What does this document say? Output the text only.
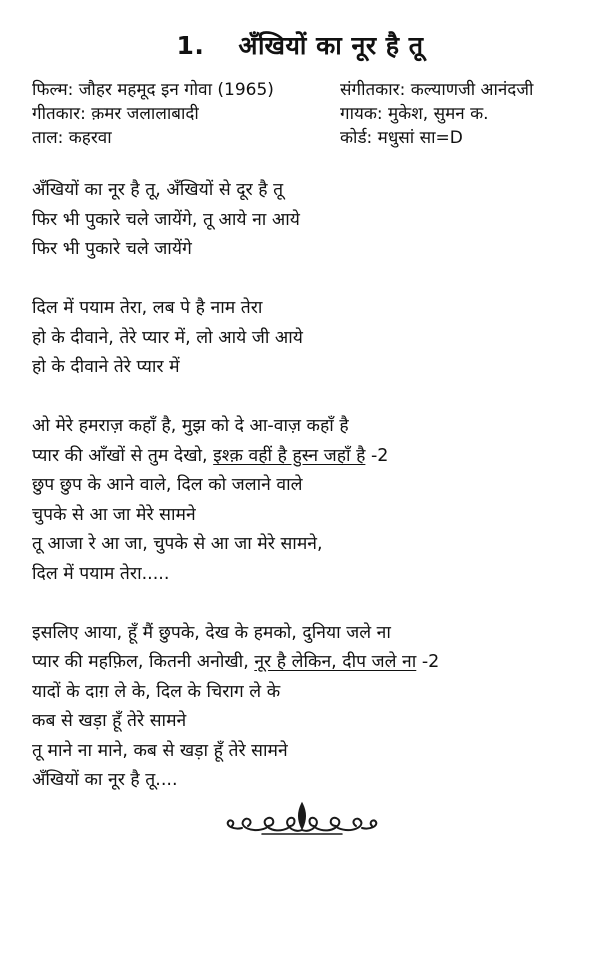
1. अँखियों का नूर है तू
फिल्म: जौहर महमूद इन गोवा (1965)
गीतकार: क़मर जलालाबादी
ताल: कहरवा
संगीतकार: कल्याणजी आनंदजी
गायक: मुकेश, सुमन क.
कोर्ड: मधुसां सा=D
अँखियों का नूर है तू, अँखियों से दूर है तू
फिर भी पुकारे चले जायेंगे, तू आये ना आये
फिर भी पुकारे चले जायेंगे
दिल में पयाम तेरा, लब पे है नाम तेरा
हो के दीवाने, तेरे प्यार में, लो आये जी आये
हो के दीवाने तेरे प्यार में
ओ मेरे हमराज़ कहाँ है, मुझ को दे आ-वाज़ कहाँ है
प्यार की आँखों से तुम देखो, इश्क़ वहीं है हुस्न जहाँ है -2
छुप छुप के आने वाले, दिल को जलाने वाले
चुपके से आ जा मेरे सामने
तू आजा रे आ जा, चुपके से आ जा मेरे सामने,
दिल में पयाम तेरा.....
इसलिए आया, हूँ मैं छुपके, देख के हमको, दुनिया जले ना
प्यार की महफ़िल, कितनी अनोखी, नूर है लेकिन, दीप जले ना -2
यादों के दाग़ ले के, दिल के चिराग ले के
कब से खड़ा हूँ तेरे सामने
तू माने ना माने, कब से खड़ा हूँ तेरे सामने
अँखियों का नूर है तू....
